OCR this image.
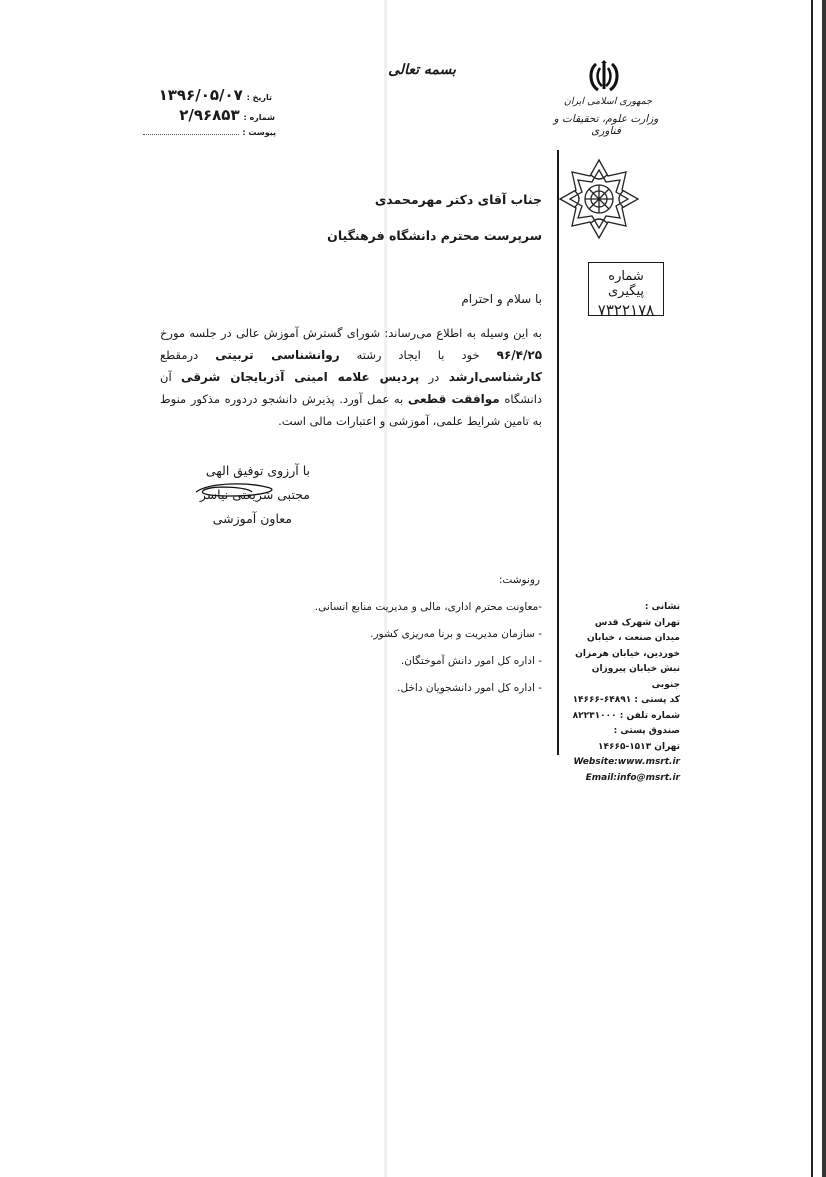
تاریخ : ۱۳۹۶/۰۵/۰۷
شماره : ۲/۹۶۸۵۳
پیوست :
بسمه تعالی
جمهوری اسلامی ایران
وزارت علوم، تحقیقات و فناوری
شماره پیگیری
۷۳۲۲۱۷۸
جناب آقای دکتر مهرمحمدی
سرپرست محترم دانشگاه فرهنگیان
با سلام و احترام
به این وسیله به اطلاع می‌رساند: شورای گسترش آموزش عالی در جلسه مورخ ۹۶/۴/۲۵ خود با ایجاد رشته روانشناسی تربیتی درمقطع کارشناسی‌ارشد در پردیس علامه امینی آذربایجان شرقی آن دانشگاه موافقت قطعی به عمل آورد. پذیرش دانشجو دردوره مذکور منوط به تامین شرایط علمی، آموزشی و اعتبارات مالی است.
با آرزوی توفیق الهی
مجتبی شریعتی نیاسر
معاون آموزشی
رونوشت:
-معاونت محترم اداری، مالی و مدیریت منابع انسانی.
- سازمان مدیریت و برنا مه‌ریزی کشور.
- اداره کل امور دانش آموختگان.
- اداره کل امور دانشجویان داخل.
نشانی :
تهران شهرک قدس
میدان صنعت ، خیابان
خوردین، خیابان هرمزان
نبش خیابان پیروزان جنوبی
کد پستی : ۶۴۸۹۱-۱۴۶۶۶
شماره تلفن : ۸۲۲۳۱۰۰۰
صندوق پستی :
تهران ۱۵۱۳-۱۴۶۶۵
Website:www.msrt.ir
Email:info@msrt.ir
